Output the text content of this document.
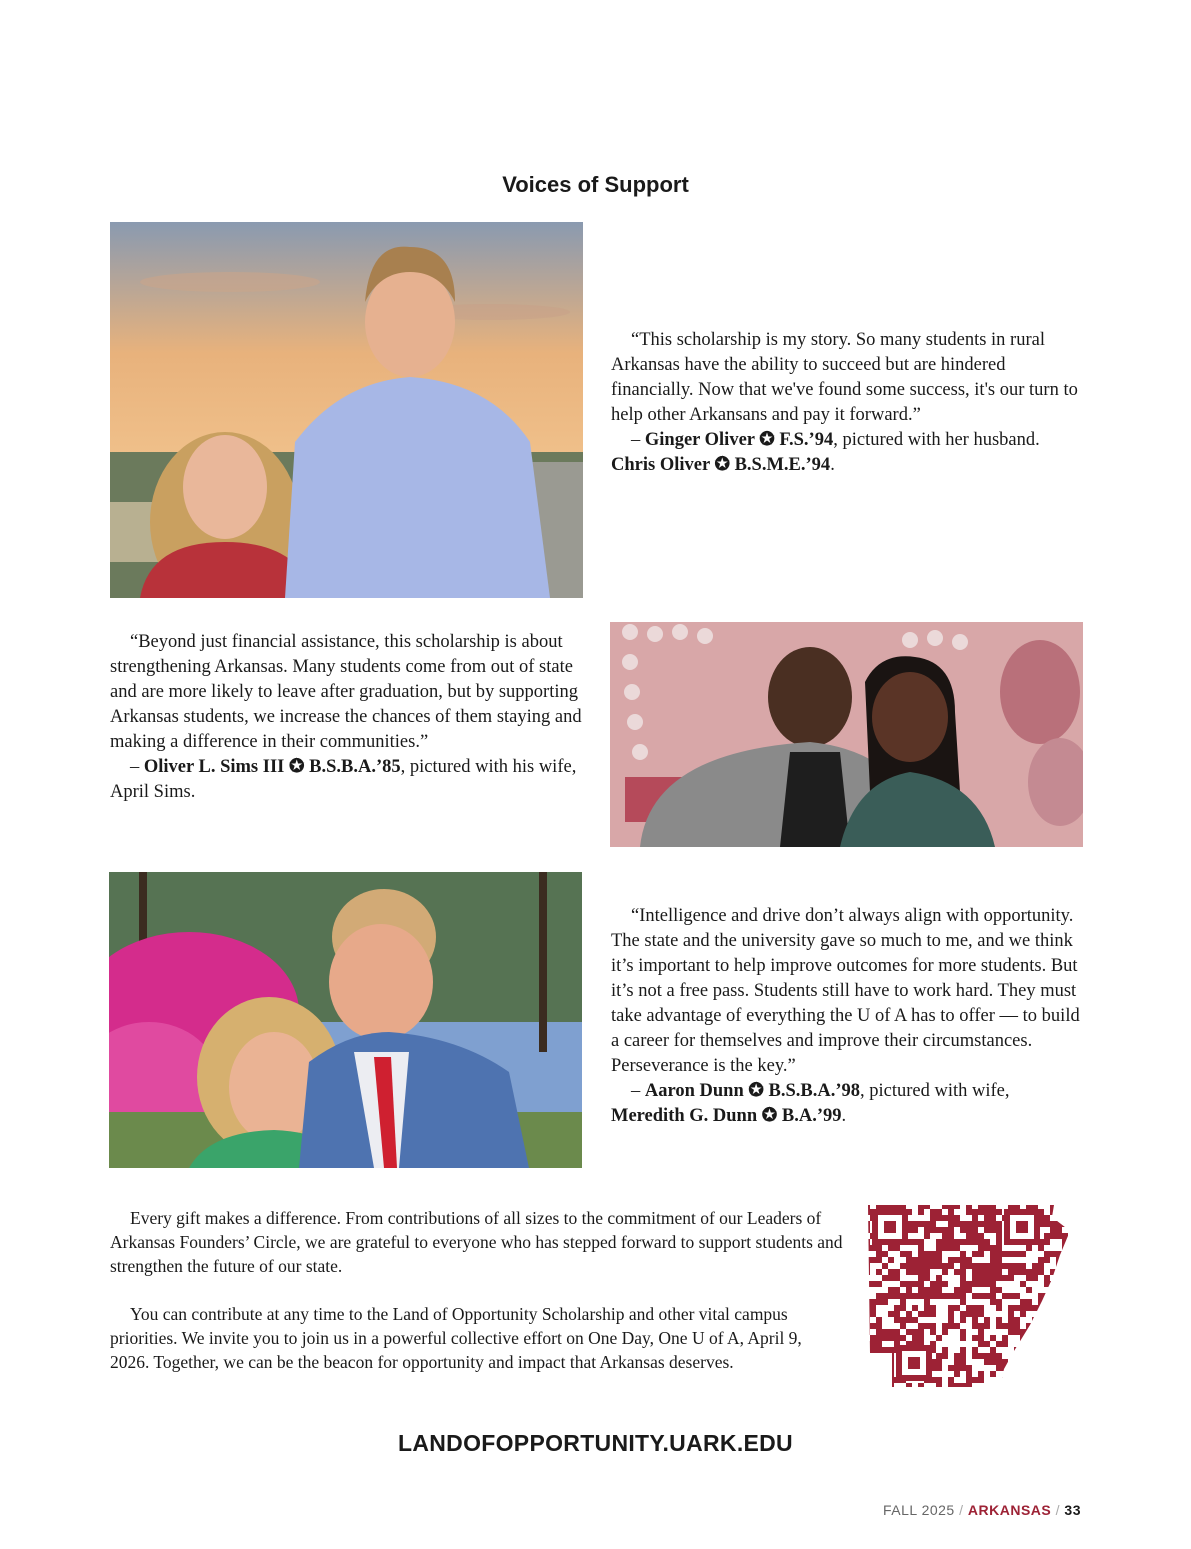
Voices of Support

“This scholarship is my story. So many students in rural Arkansas have the ability to succeed but are hindered financially. Now that we've found some success, it's our turn to help other Arkansans and pay it forward.”

– Ginger Oliver ✪ F.S.’94, pictured with her husband.

Chris Oliver ✪ B.S.M.E.’94.

“Beyond just financial assistance, this scholarship is about strengthening Arkansas. Many students come from out of state and are more likely to leave after graduation, but by supporting Arkansas students, we increase the chances of them staying and making a difference in their communities.”

– Oliver L. Sims III ✪ B.S.B.A.’85, pictured with his wife, April Sims.

“Intelligence and drive don’t always align with opportunity. The state and the university gave so much to me, and we think it’s important to help improve outcomes for more students. But it’s not a free pass. Students still have to work hard. They must take advantage of everything the U of A has to offer — to build a career for themselves and improve their circumstances. Perseverance is the key.”

– Aaron Dunn ✪ B.S.B.A.’98, pictured with wife,

Meredith G. Dunn ✪ B.A.’99.

Every gift makes a difference. From contributions of all sizes to the commitment of our Leaders of Arkansas Founders’ Circle, we are grateful to everyone who has stepped forward to support students and strengthen the future of our state.

You can contribute at any time to the Land of Opportunity Scholarship and other vital campus priorities. We invite you to join us in a powerful collective effort on One Day, One U of A, April 9, 2026. Together, we can be the beacon for opportunity and impact that Arkansas deserves.

LANDOFOPPORTUNITY.UARK.EDU
FALL 2025 / ARKANSAS / 33
